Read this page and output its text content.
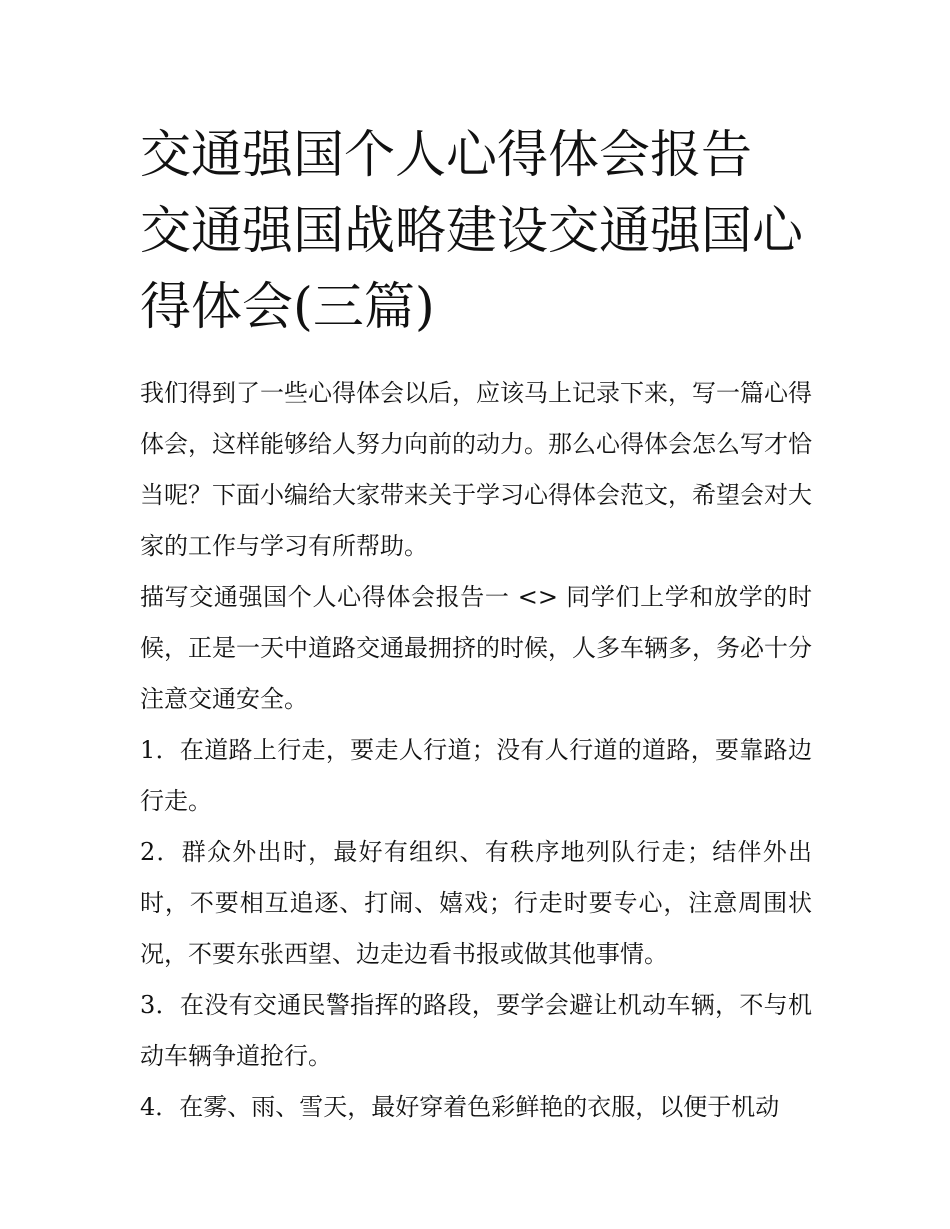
交通强国个人心得体会报告 交通强国战略建设交通强国心得体会(三篇)

我们得到了一些心得体会以后，应该马上记录下来，写一篇心得体会，这样能够给人努力向前的动力。那么心得体会怎么写才恰当呢？下面小编给大家带来关于学习心得体会范文，希望会对大家的工作与学习有所帮助。

描写交通强国个人心得体会报告一 <> 同学们上学和放学的时候，正是一天中道路交通最拥挤的时候，人多车辆多，务必十分注意交通安全。

1．在道路上行走，要走人行道；没有人行道的道路，要靠路边行走。

2．群众外出时，最好有组织、有秩序地列队行走；结伴外出时，不要相互追逐、打闹、嬉戏；行走时要专心，注意周围状况，不要东张西望、边走边看书报或做其他事情。

3．在没有交通民警指挥的路段，要学会避让机动车辆，不与机动车辆争道抢行。

4．在雾、雨、雪天，最好穿着色彩鲜艳的衣服，以便于机动
